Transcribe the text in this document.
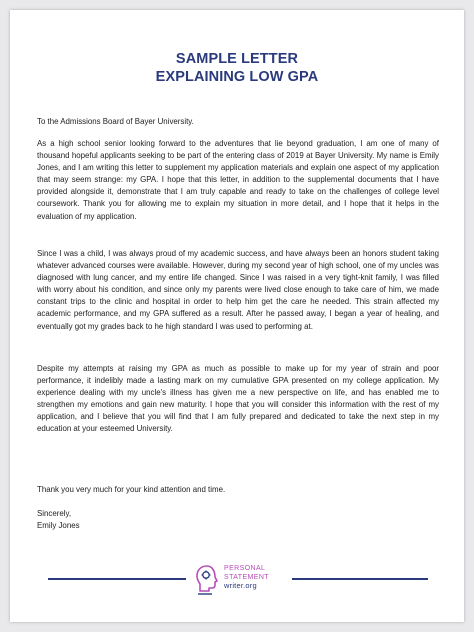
SAMPLE LETTER
EXPLAINING LOW GPA

To the Admissions Board of Bayer University.

As a high school senior looking forward to the adventures that lie beyond graduation, I am one of many of thousand hopeful applicants seeking to be part of the entering class of 2019 at Bayer University. My name is Emily Jones, and I am writing this letter to supplement my application materials and explain one aspect of my application that may seem strange: my GPA. I hope that this letter, in addition to the supplemental documents that I have provided alongside it, demonstrate that I am truly capable and ready to take on the challenges of college level coursework. Thank you for allowing me to explain my situation in more detail, and I hope that it helps in the evaluation of my application.

Since I was a child, I was always proud of my academic success, and have always been an honors student taking whatever advanced courses were available. However, during my second year of high school, one of my uncles was diagnosed with lung cancer, and my entire life changed. Since I was raised in a very tight-knit family, I was filled with worry about his condition, and since only my parents were lived close enough to take care of him, we made constant trips to the clinic and hospital in order to help him get the care he needed. This strain affected my academic performance, and my GPA suffered as a result. After he passed away, I began a year of healing, and eventually got my grades back to he high standard I was used to performing at.

Despite my attempts at raising my GPA as much as possible to make up for my year of strain and poor performance, it indelibly made a lasting mark on my cumulative GPA presented on my college application. My experience dealing with my uncle's illness has given me a new perspective on life, and has enabled me to strengthen my emotions and gain new maturity. I hope that you will consider this information with the rest of my application, and I believe that you will find that I am fully prepared and dedicated to take the next step in my education at your esteemed University.

Thank you very much for your kind attention and time.

Sincerely,

Emily Jones

PERSONAL
STATEMENT
writer.org
